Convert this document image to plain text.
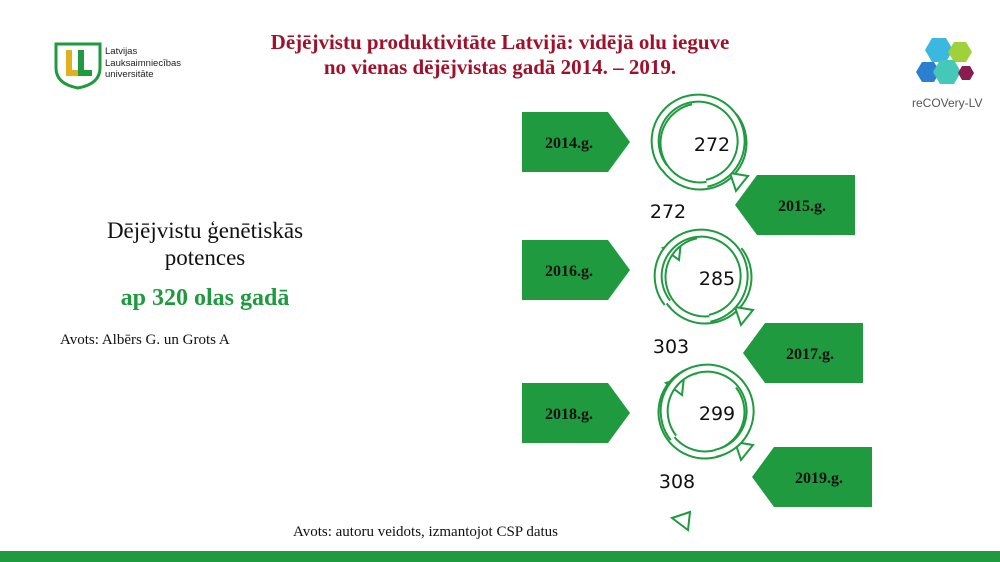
Latvijas
Lauksaimniecības
universitāte
reCOVery-LV
Dējējvistu produktivitāte Latvijā: vidējā olu ieguve
no vienas dējējvistas gadā 2014. – 2019.
Dējējvistu ģenētiskās
potences
ap 320 olas gadā
Avots: Albērs G. un Grots A
272
2014.g.
272	2015.g.
285
2016.g.
303	2017.g.
299
2018.g.
308	2019.g.
Avots: autoru veidots, izmantojot CSP datus
